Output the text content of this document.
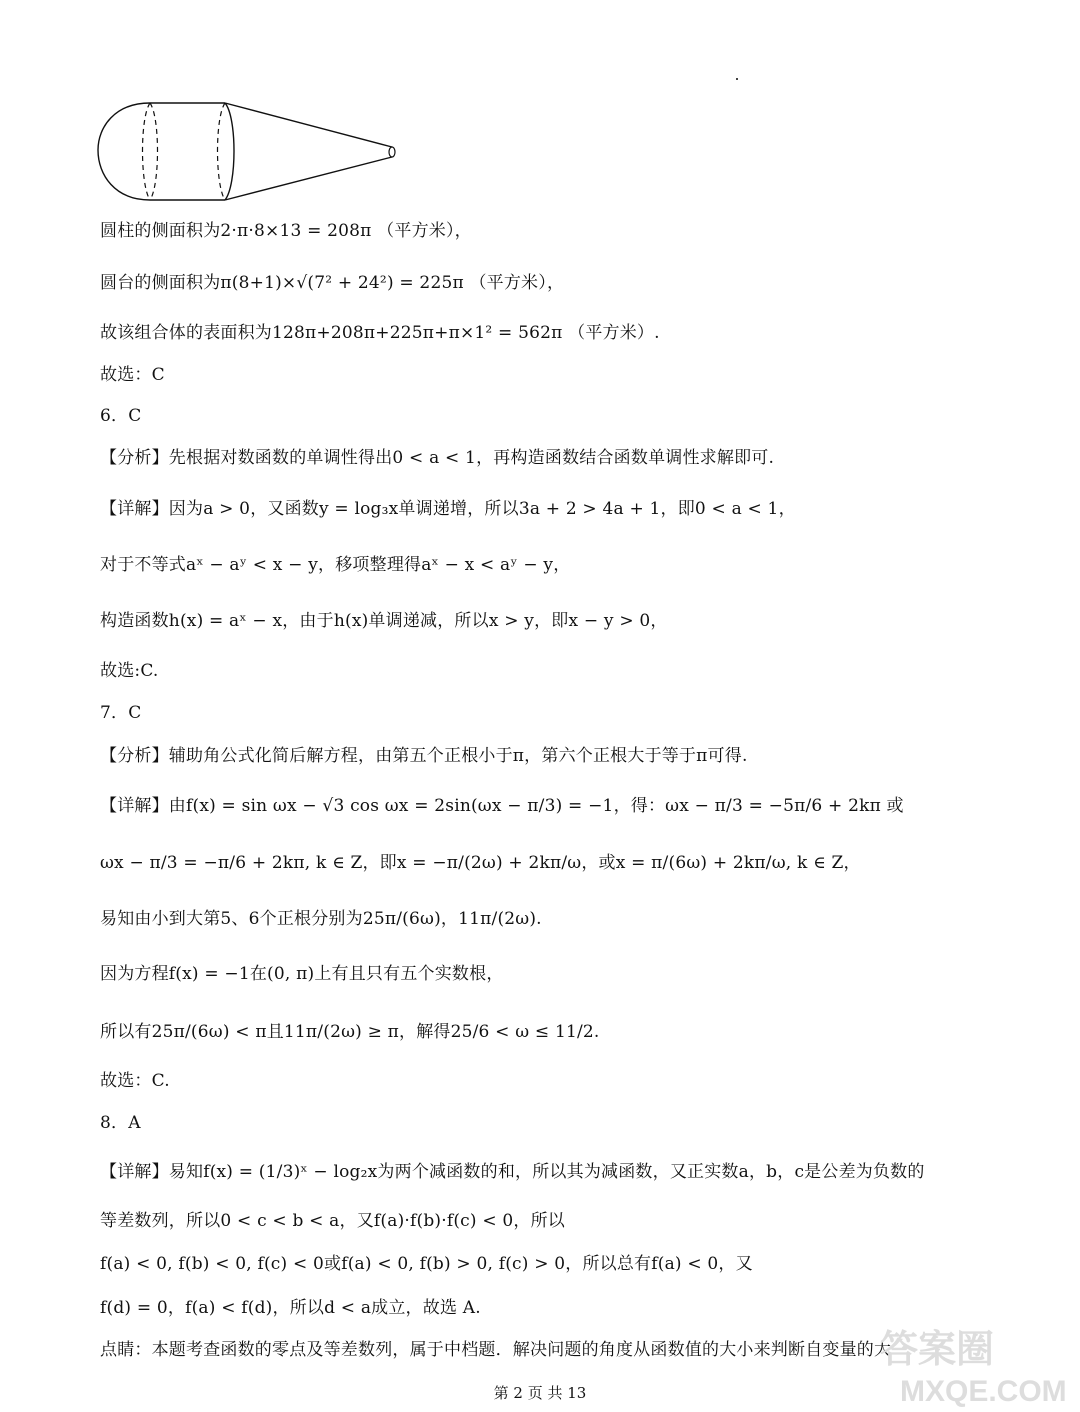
圆柱的侧面积为2·π·8×13 = 208π （平方米），
圆台的侧面积为π(8+1)×√(7² + 24²) = 225π （平方米），
故该组合体的表面积为128π+208π+225π+π×1² = 562π （平方米）.
故选：C
6．C
【分析】先根据对数函数的单调性得出0 < a < 1，再构造函数结合函数单调性求解即可.
【详解】因为a > 0，又函数y = log₃x单调递增，所以3a + 2 > 4a + 1，即0 < a < 1，
对于不等式aˣ − aʸ < x − y，移项整理得aˣ − x < aʸ − y，
构造函数h(x) = aˣ − x，由于h(x)单调递减，所以x > y，即x − y > 0，
故选:C.
7．C
【分析】辅助角公式化简后解方程，由第五个正根小于π，第六个正根大于等于π可得.
【详解】由f(x) = sin ωx − √3 cos ωx = 2sin(ωx − π/3) = −1，得：ωx − π/3 = −5π/6 + 2kπ 或
ωx − π/3 = −π/6 + 2kπ, k ∈ Z，即x = −π/(2ω) + 2kπ/ω，或x = π/(6ω) + 2kπ/ω, k ∈ Z，
易知由小到大第5、6个正根分别为25π/(6ω)，11π/(2ω).
因为方程f(x) = −1在(0, π)上有且只有五个实数根，
所以有25π/(6ω) < π且11π/(2ω) ≥ π，解得25/6 < ω ≤ 11/2.
故选：C.
8．A
【详解】易知f(x) = (1/3)ˣ − log₂x为两个减函数的和，所以其为减函数，又正实数a，b，c是公差为负数的
等差数列，所以0 < c < b < a，又f(a)·f(b)·f(c) < 0，所以
f(a) < 0, f(b) < 0, f(c) < 0或f(a) < 0, f(b) > 0, f(c) > 0，所以总有f(a) < 0，又
f(d) = 0，f(a) < f(d)，所以d < a成立，故选 A.
点睛：本题考查函数的零点及等差数列，属于中档题．解决问题的角度从函数值的大小来判断自变量的大
第 2 页 共 13
答案圈
MXQE.COM
